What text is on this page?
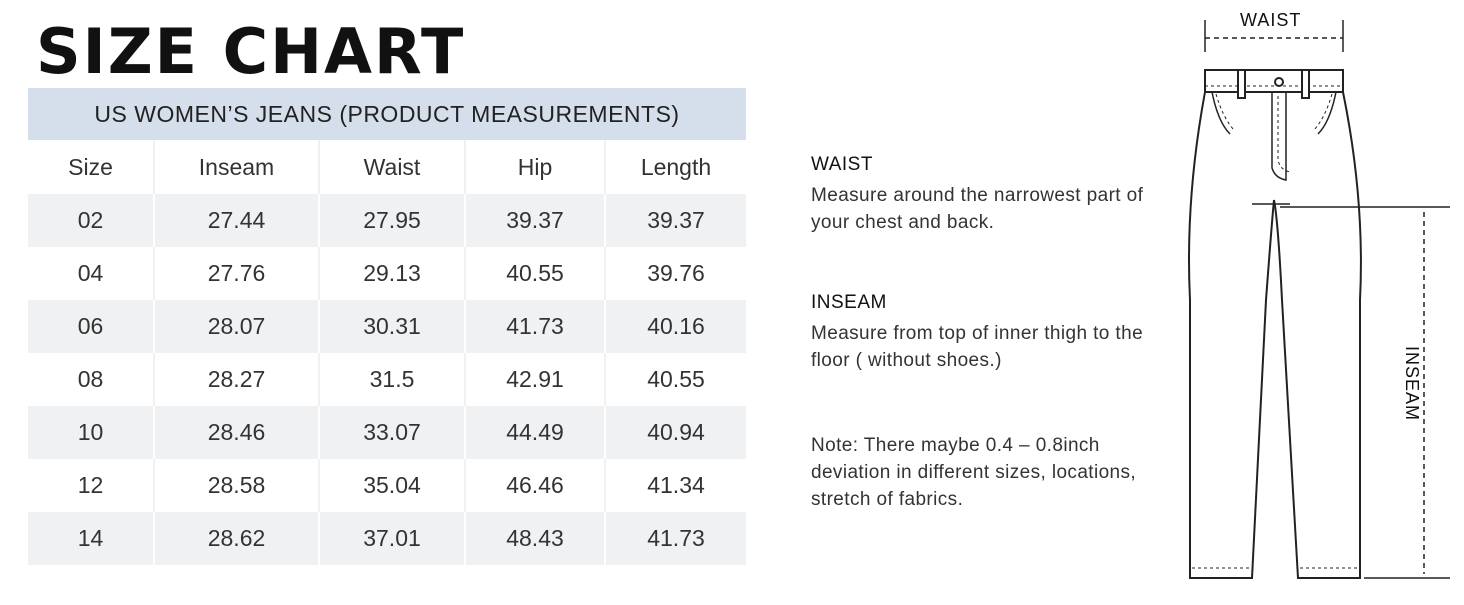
SIZE CHART
US WOMEN’S JEANS (PRODUCT MEASUREMENTS)
Size	Inseam	Waist	Hip	Length
02	27.44	27.95	39.37	39.37
04	27.76	29.13	40.55	39.76
06	28.07	30.31	41.73	40.16
08	28.27	31.5	42.91	40.55
10	28.46	33.07	44.49	40.94
12	28.58	35.04	46.46	41.34
14	28.62	37.01	48.43	41.73

WAIST

Measure around the narrowest part of your chest and back.

INSEAM

Measure from top of inner thigh to the floor ( without shoes.)

Note: There maybe 0.4 – 0.8inch deviation in different sizes, locations, stretch of fabrics.

WAIST
INSEAM
